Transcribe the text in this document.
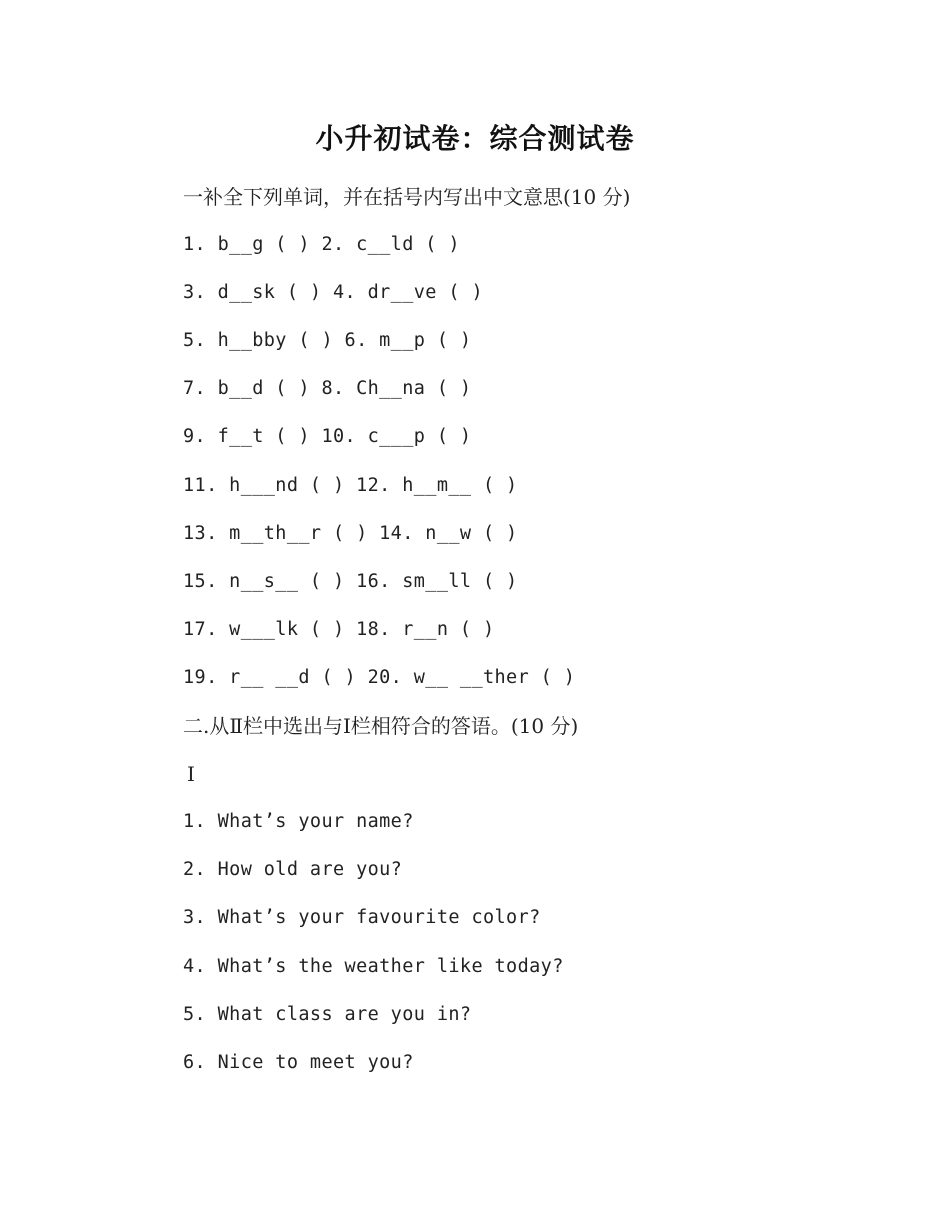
小升初试卷：综合测试卷
一补全下列单词，并在括号内写出中文意思(10 分)
1. b__g ( ) 2. c__ld ( )
3. d__sk ( ) 4. dr__ve ( )
5. h__bby ( ) 6. m__p ( )
7. b__d ( ) 8. Ch__na ( )
9. f__t ( ) 10. c___p ( )
11. h___nd ( ) 12. h__m__ ( )
13. m__th__r ( ) 14. n__w ( )
15. n__s__ ( ) 16. sm__ll ( )
17. w___lk ( ) 18. r__n ( )
19. r__ __d ( ) 20. w__ __ther ( )
二.从Ⅱ栏中选出与Ⅰ栏相符合的答语。(10 分)
Ⅰ
1. What’s your name?
2. How old are you?
3. What’s your favourite color?
4. What’s the weather like today?
5. What class are you in?
6. Nice to meet you?
